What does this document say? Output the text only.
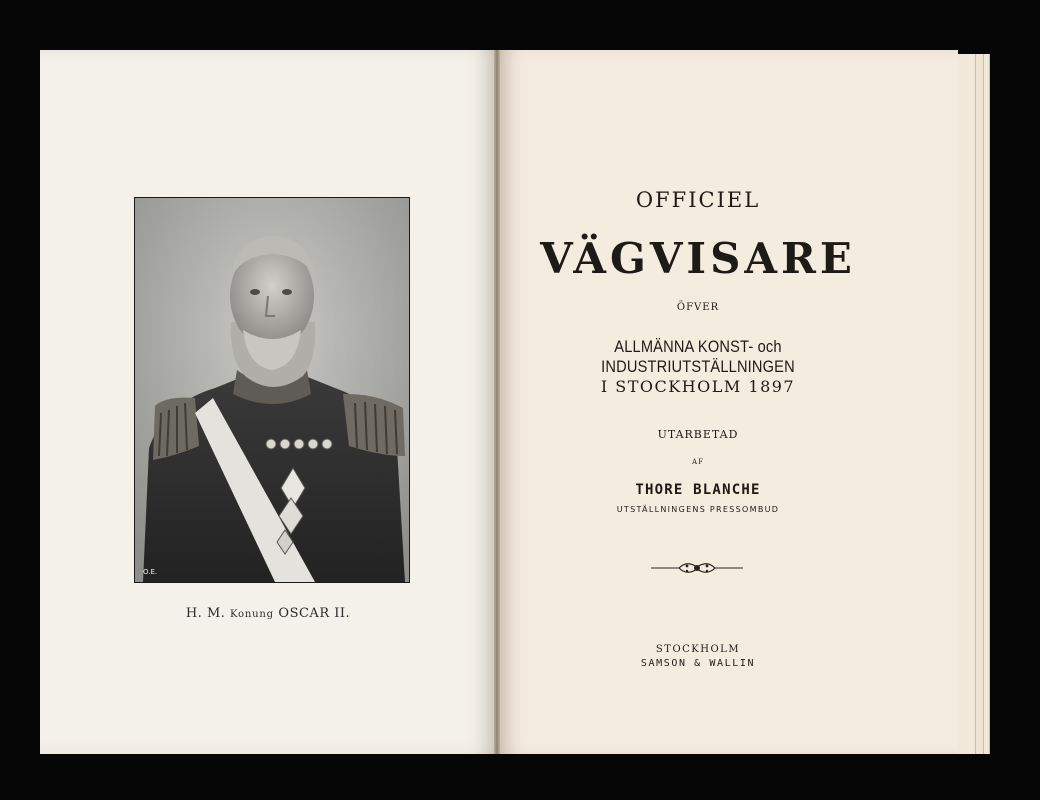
O.E.
H. M. Konung OSCAR II.
OFFICIEL
VÄGVISARE
ÖFVER
ALLMÄNNA KONST- och INDUSTRIUTSTÄLLNINGEN
I STOCKHOLM 1897
UTARBETAD
AF
THORE BLANCHE
UTSTÄLLNINGENS PRESSOMBUD
STOCKHOLM
SAMSON & WALLIN
